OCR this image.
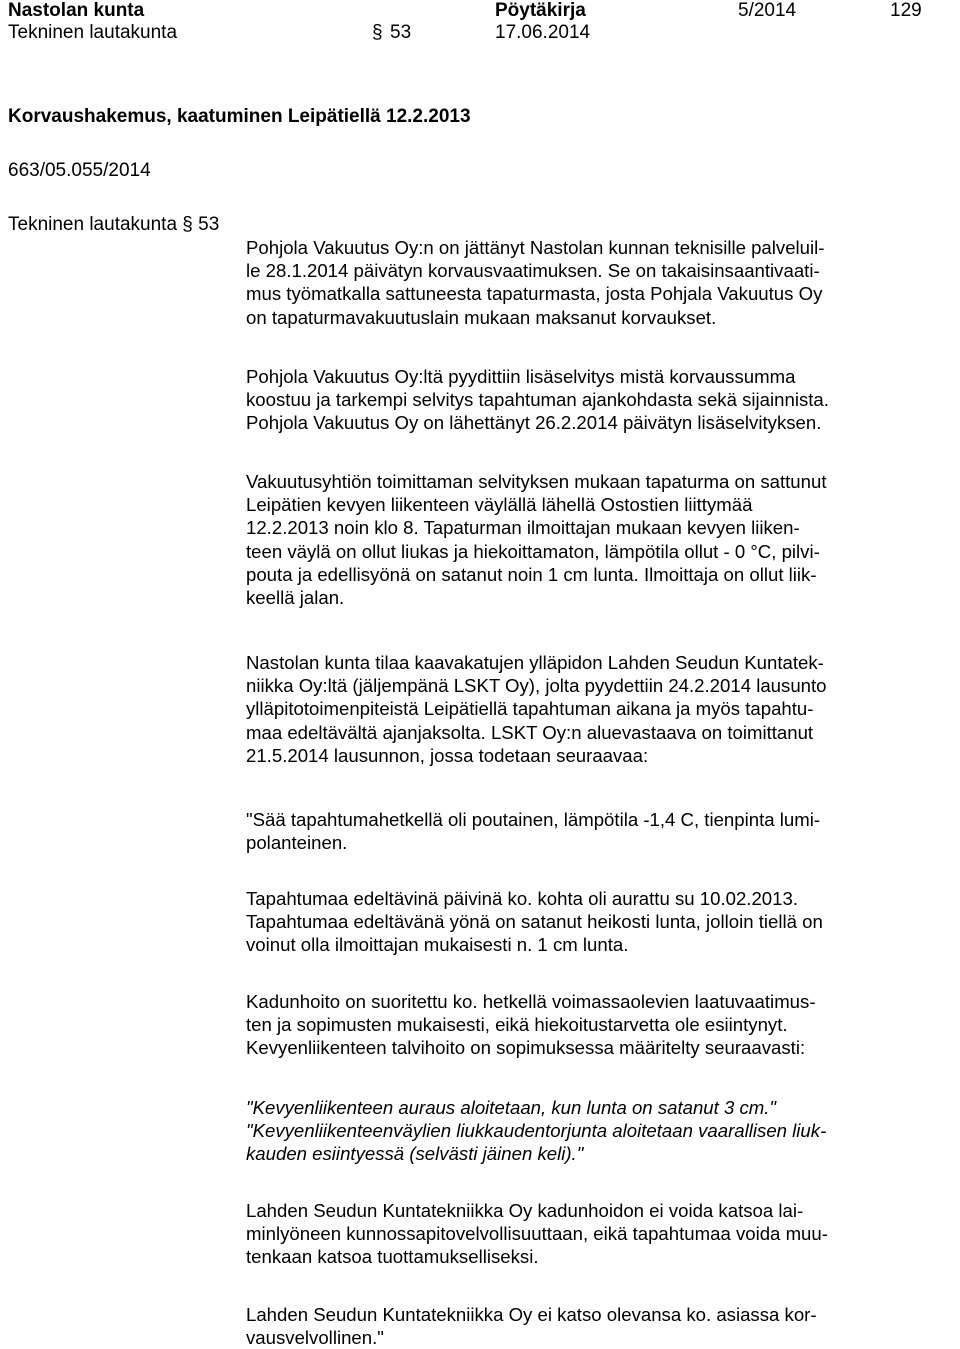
Nastolan kunta	Pöytäkirja	5/2014	129
Tekninen lautakunta	§ 53	17.06.2014
Korvaushakemus, kaatuminen Leipätiellä 12.2.2013
663/05.055/2014
Tekninen lautakunta § 53

Pohjola Vakuutus Oy:n on jättänyt Nastolan kunnan teknisille palveluil-

le 28.1.2014 päivätyn korvausvaatimuksen. Se on takaisinsaantivaati-

mus työmatkalla sattuneesta tapaturmasta, josta Pohjala Vakuutus Oy

on tapaturmavakuutuslain mukaan maksanut korvaukset.

Pohjola Vakuutus Oy:ltä pyydittiin lisäselvitys mistä korvaussumma

koostuu ja tarkempi selvitys tapahtuman ajankohdasta sekä sijainnista.

Pohjola Vakuutus Oy on lähettänyt 26.2.2014 päivätyn lisäselvityksen.

Vakuutusyhtiön toimittaman selvityksen mukaan tapaturma on sattunut

Leipätien kevyen liikenteen väylällä lähellä Ostostien liittymää

12.2.2013 noin klo 8. Tapaturman ilmoittajan mukaan kevyen liiken-

teen väylä on ollut liukas ja hiekoittamaton, lämpötila ollut - 0 °C, pilvi-

pouta ja edellisyönä on satanut noin 1 cm lunta. Ilmoittaja on ollut liik-

keellä jalan.

Nastolan kunta tilaa kaavakatujen ylläpidon Lahden Seudun Kuntatek-

niikka Oy:ltä (jäljempänä LSKT Oy), jolta pyydettiin 24.2.2014 lausunto

ylläpitotoimenpiteistä Leipätiellä tapahtuman aikana ja myös tapahtu-

maa edeltävältä ajanjaksolta. LSKT Oy:n aluevastaava on toimittanut

21.5.2014 lausunnon, jossa todetaan seuraavaa:

"Sää tapahtumahetkellä oli poutainen, lämpötila -1,4 C, tienpinta lumi-

polanteinen.

Tapahtumaa edeltävinä päivinä ko. kohta oli aurattu su 10.02.2013.

Tapahtumaa edeltävänä yönä on satanut heikosti lunta, jolloin tiellä on

voinut olla ilmoittajan mukaisesti n. 1 cm lunta.

Kadunhoito on suoritettu ko. hetkellä voimassaolevien laatuvaatimus-

ten ja sopimusten mukaisesti, eikä hiekoitustarvetta ole esiintynyt.

Kevyenliikenteen talvihoito on sopimuksessa määritelty seuraavasti:

"Kevyenliikenteen auraus aloitetaan, kun lunta on satanut 3 cm."

"Kevyenliikenteenväylien liukkaudentorjunta aloitetaan vaarallisen liuk-

kauden esiintyessä (selvästi jäinen keli)."

Lahden Seudun Kuntatekniikka Oy kadunhoidon ei voida katsoa lai-

minlyöneen kunnossapitovelvollisuuttaan, eikä tapahtumaa voida muu-

tenkaan katsoa tuottamukselliseksi.

Lahden Seudun Kuntatekniikka Oy ei katso olevansa ko. asiassa kor-

vausvelvollinen."
